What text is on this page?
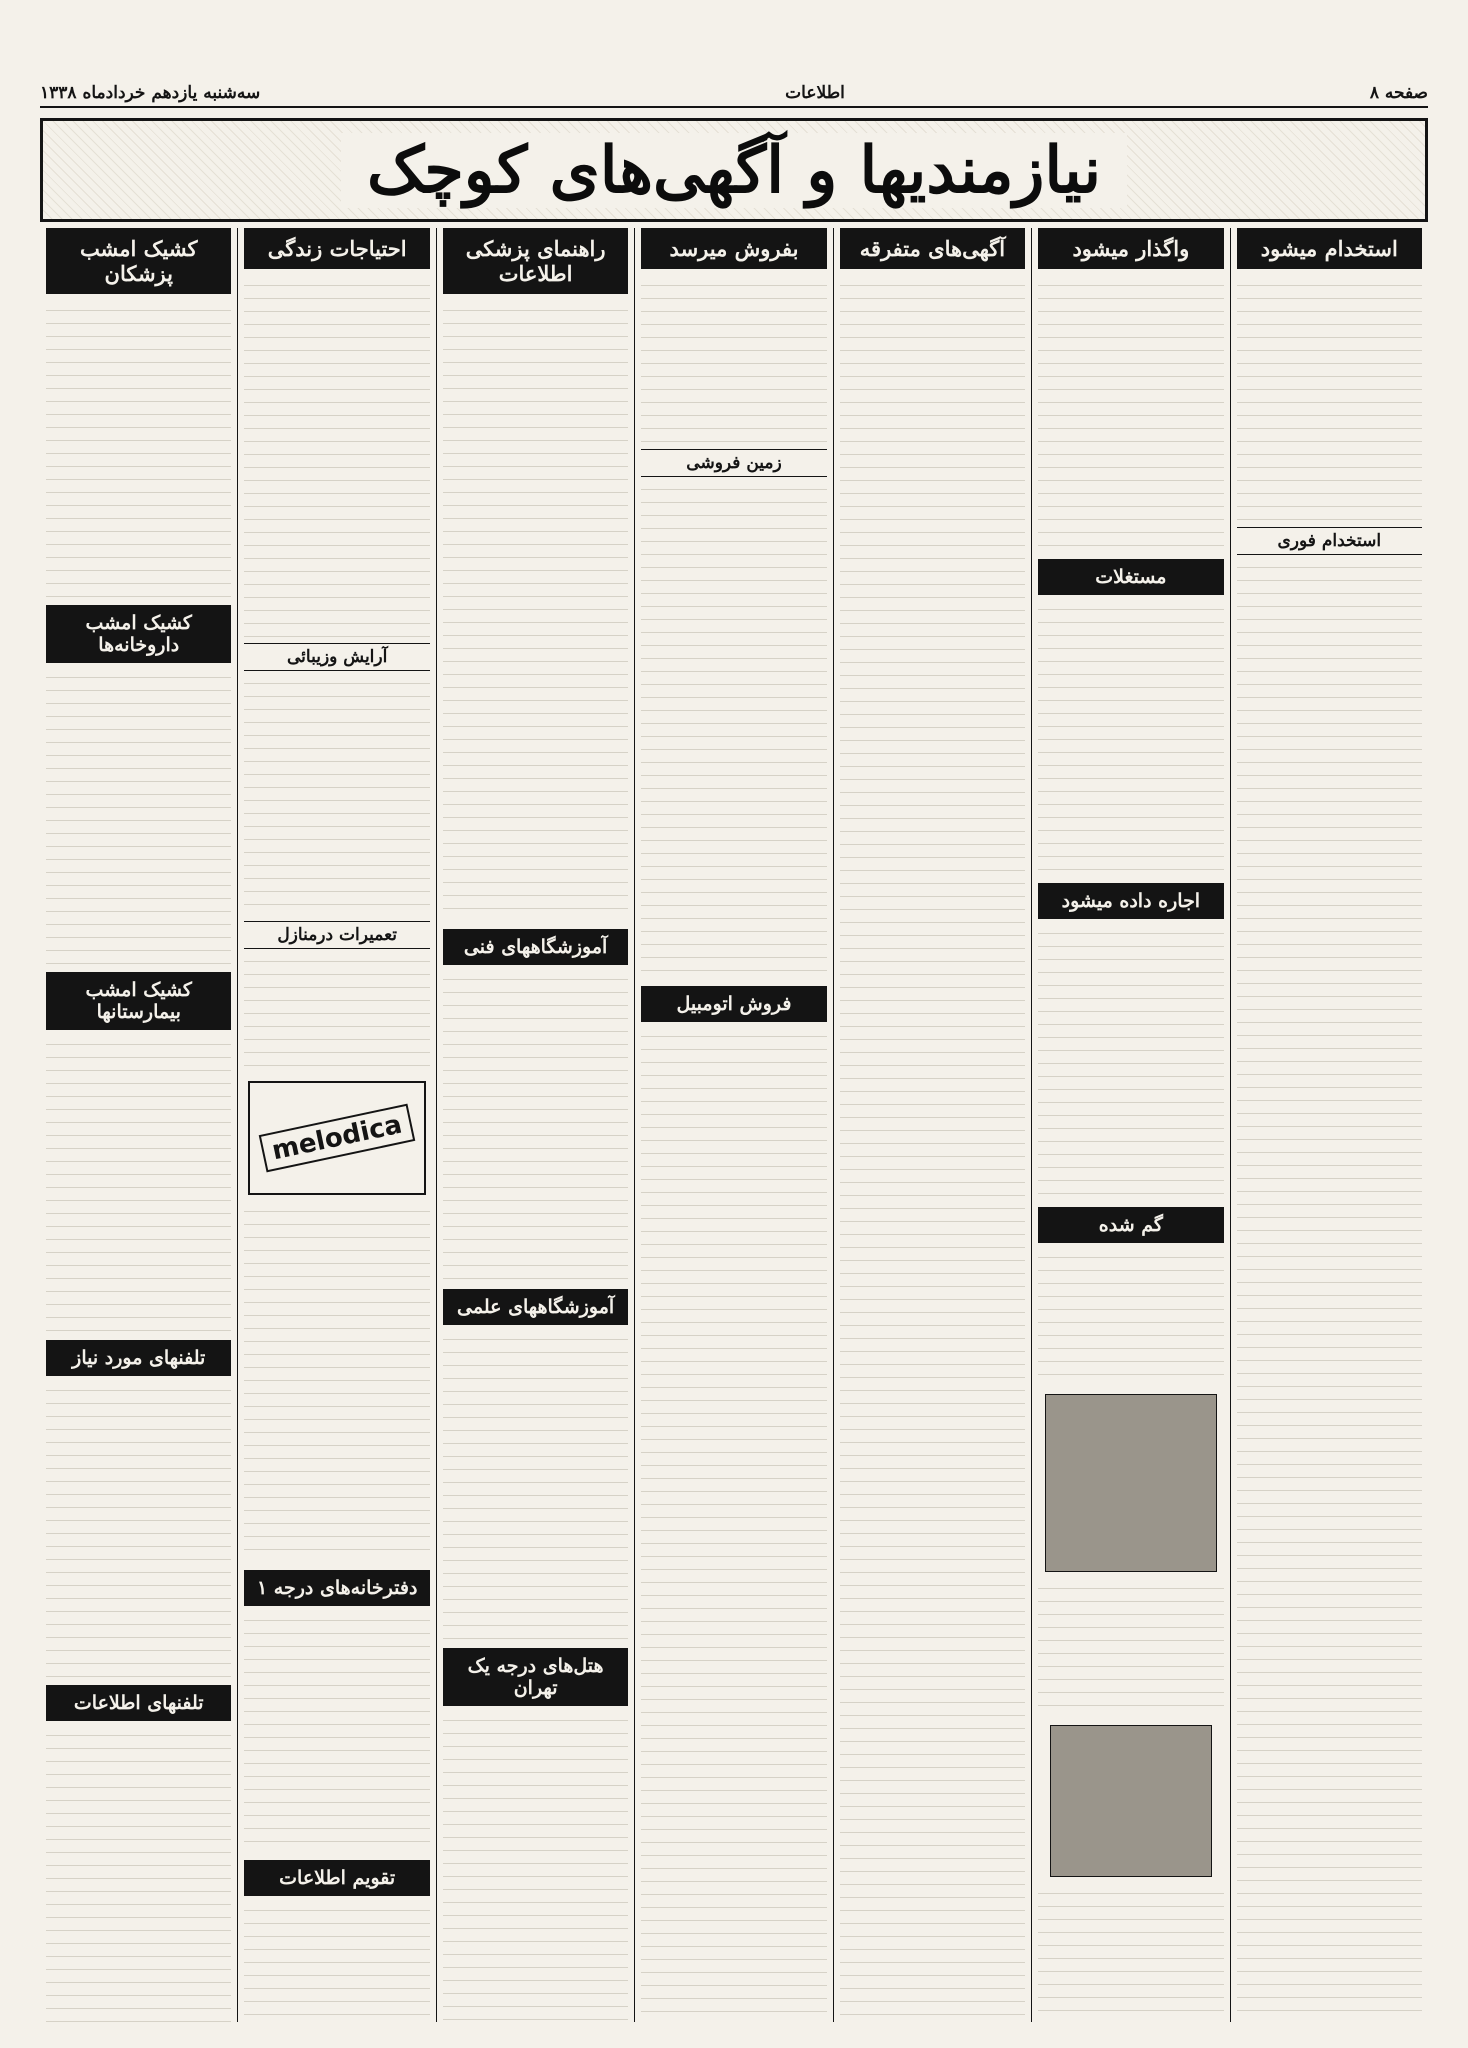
صفحه ۸
اطلاعات
سه‌شنبه یازدهم خردادماه ۱۳۳۸
نیازمندیها و آگهی‌های کوچک
استخدام میشود
استخدام فوری
واگذار میشود
مستغلات
اجاره داده میشود
گم شده
آگهی‌های متفرقه
بفروش میرسد
زمین فروشی
فروش اتومبیل
راهنمای پزشکی اطلاعات
آموزشگاههای فنی
آموزشگاههای علمی
هتل‌های درجه یک تهران
احتیاجات زندگی
آرایش وزیبائی
تعمیرات درمنازل
melodica
دفترخانه‌های درجه ۱
تقویم اطلاعات
کشیک امشب پزشکان
کشیک امشب داروخانه‌ها
کشیک امشب بیمارستانها
تلفنهای مورد نیاز
تلفنهای اطلاعات
